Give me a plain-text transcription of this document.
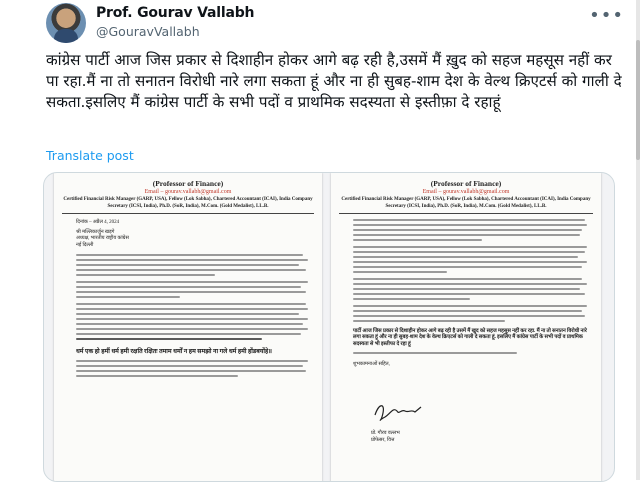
Prof. Gourav Vallabh
@GouravVallabh
•••
कांग्रेस पार्टी आज जिस प्रकार से दिशाहीन होकर आगे बढ़ रही है,उसमें मैं ख़ुद को सहज महसूस नहीं कर पा रहा.मैं ना तो सनातन विरोधी नारे लगा सकता हूं और ना ही सुबह-शाम देश के वेल्थ क्रिएटर्स को गाली दे सकता.इसलिए मैं कांग्रेस पार्टी के सभी पदों व प्राथमिक सदस्यता से इस्तीफ़ा दे रहाहूं
Translate post
(Professor of Finance)
Email – gourav.vallabh@gmail.com
Certified Financial Risk Manager (GARP, USA), Fellow (Lok Sabha), Chartered Accountant (ICAI), India Company Secretary (ICSI, India), Ph.D. (SoR, India), M.Com. (Gold Medalist), LL.B.
दिनांक – अप्रैल 4, 2024
श्री मल्लिकार्जुन खड़गे
अध्यक्ष, भारतीय राष्ट्रीय कांग्रेस
नई दिल्ली
धर्म एक हो हमीं धर्म हमी रक्षति रक्षितः तमाम धर्मों न हम समझो ना गले धर्म हमी होंडबयोंहे॥
(Professor of Finance)
Email – gourav.vallabh@gmail.com
Certified Financial Risk Manager (GARP, USA), Fellow (Lok Sabha), Chartered Accountant (ICAI), India Company Secretary (ICSI, India), Ph.D. (SoR, India), M.Com. (Gold Medalist), LL.B.
पार्टी आज जिस प्रकार से दिशाहीन होकर आगे बढ़ रही है उसमें मैं खुद को सहज महसूस नहीं कर रहा. मैं ना तो सनातन विरोधी नारे लगा सकता हूं और ना ही सुबह-शाम देश के वेल्थ क्रिएटर्स को गाली दे सकता हूं. इसलिए मैं कांग्रेस पार्टी के सभी पदों व प्राथमिक सदस्यता से भी इस्तीफा दे रहा हूं
शुभकामनाओं सहित,
प्रो. गौरव वल्लभ
प्रोफेसर, वित्त
